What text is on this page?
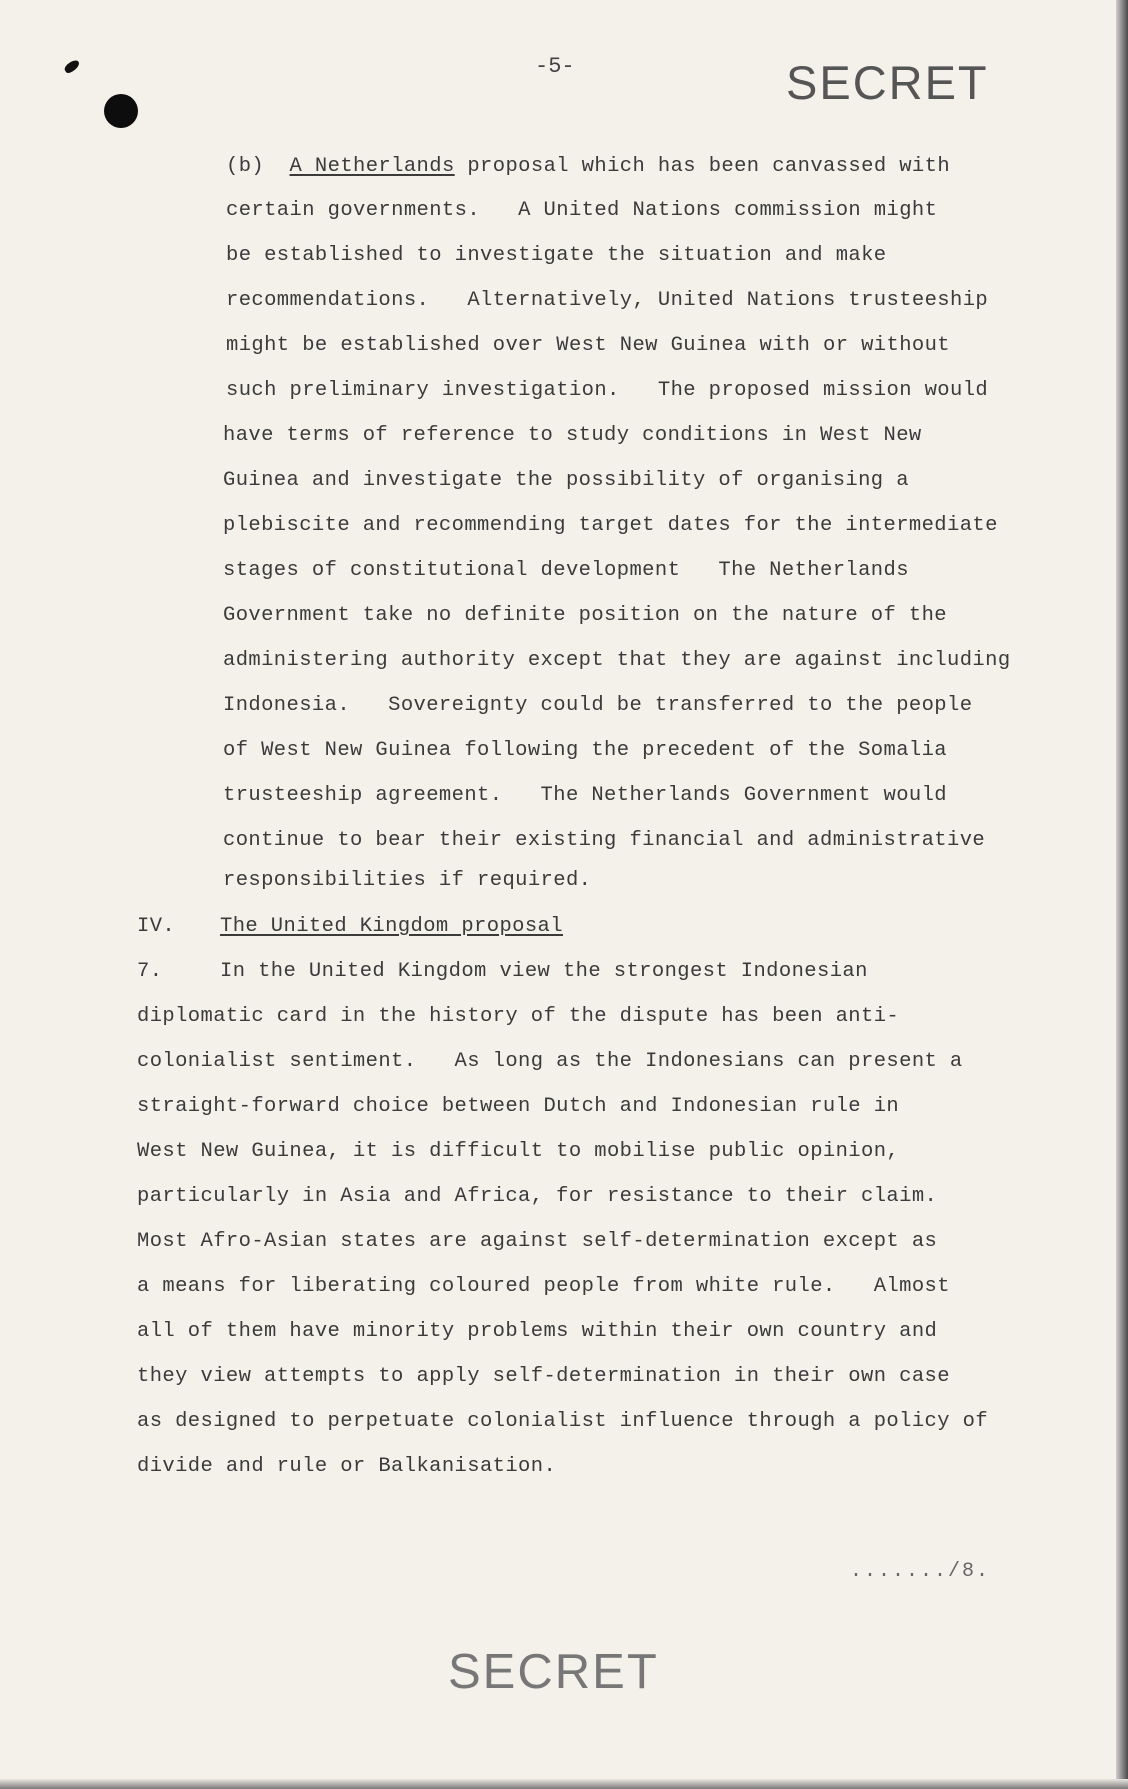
-5-	SECRET
(b) A Netherlands proposal which has been canvassed with
certain governments.   A United Nations commission might
be established to investigate the situation and make
recommendations.   Alternatively, United Nations trusteeship
might be established over West New Guinea with or without
such preliminary investigation.   The proposed mission would
have terms of reference to study conditions in West New
Guinea and investigate the possibility of organising a
plebiscite and recommending target dates for the intermediate
stages of constitutional development   The Netherlands
Government take no definite position on the nature of the
administering authority except that they are against including
Indonesia.   Sovereignty could be transferred to the people
of West New Guinea following the precedent of the Somalia
trusteeship agreement.   The Netherlands Government would
continue to bear their existing financial and administrative
responsibilities if required.
IV. The United Kingdom proposal
7.	In the United Kingdom view the strongest Indonesian
diplomatic card in the history of the dispute has been anti-
colonialist sentiment.   As long as the Indonesians can present a
straight-forward choice between Dutch and Indonesian rule in
West New Guinea, it is difficult to mobilise public opinion,
particularly in Asia and Africa, for resistance to their claim.
Most Afro-Asian states are against self-determination except as
a means for liberating coloured people from white rule.   Almost
all of them have minority problems within their own country and
they view attempts to apply self-determination in their own case
as designed to perpetuate colonialist influence through a policy of
divide and rule or Balkanisation.
......./8.
SECRET
